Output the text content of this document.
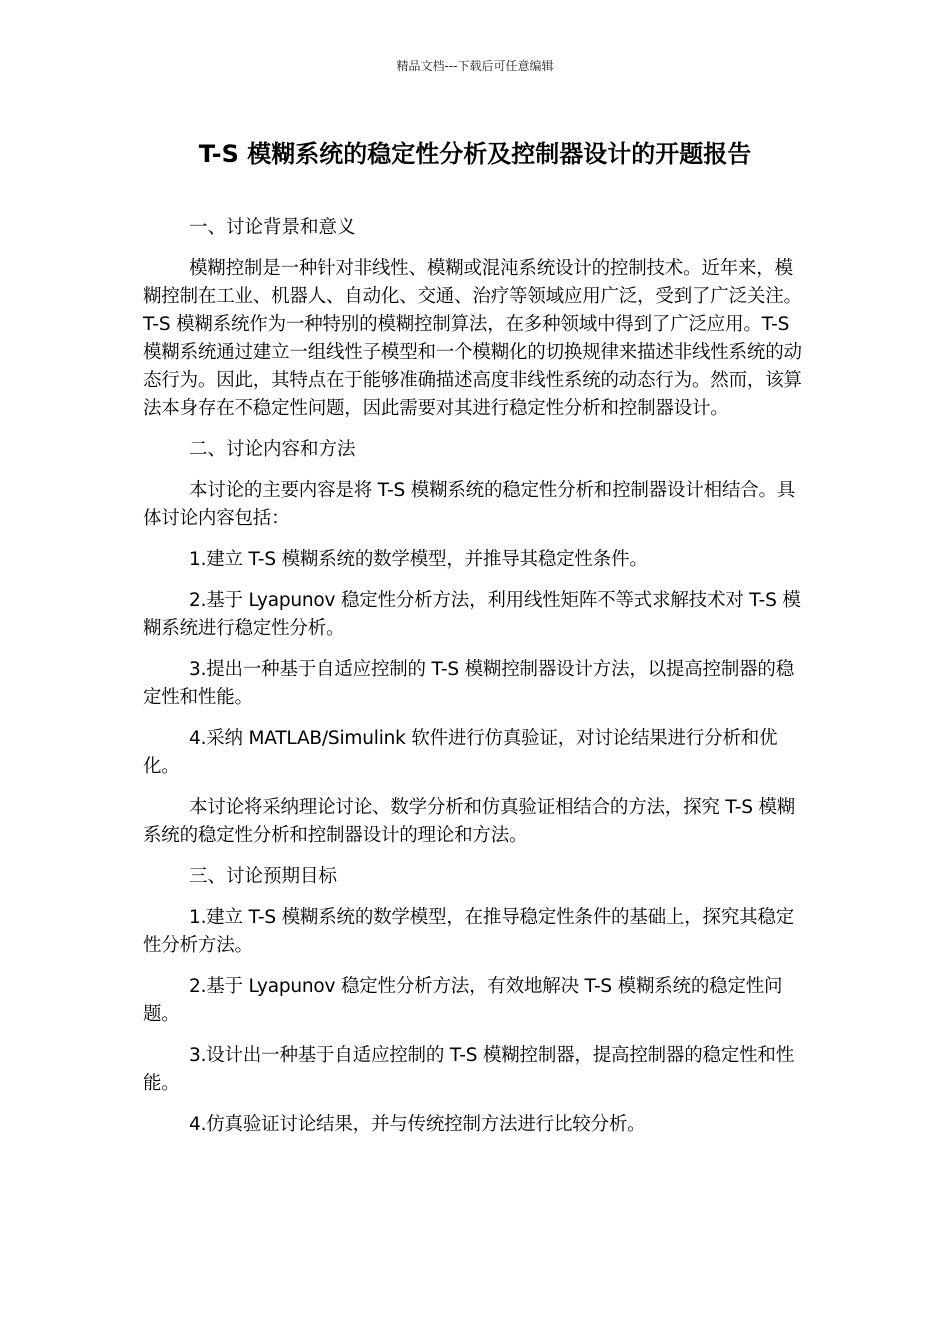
精品文档---下载后可任意编辑
T-S 模糊系统的稳定性分析及控制器设计的开题报告

一、讨论背景和意义

模糊控制是一种针对非线性、模糊或混沌系统设计的控制技术。近年来，模糊控制在工业、机器人、自动化、交通、治疗等领域应用广泛，受到了广泛关注。T-S 模糊系统作为一种特别的模糊控制算法，在多种领域中得到了广泛应用。T-S 模糊系统通过建立一组线性子模型和一个模糊化的切换规律来描述非线性系统的动态行为。因此，其特点在于能够准确描述高度非线性系统的动态行为。然而，该算法本身存在不稳定性问题，因此需要对其进行稳定性分析和控制器设计。

二、讨论内容和方法

本讨论的主要内容是将 T-S 模糊系统的稳定性分析和控制器设计相结合。具体讨论内容包括：

1.建立 T-S 模糊系统的数学模型，并推导其稳定性条件。

2.基于 Lyapunov 稳定性分析方法，利用线性矩阵不等式求解技术对 T-S 模糊系统进行稳定性分析。

3.提出一种基于自适应控制的 T-S 模糊控制器设计方法，以提高控制器的稳定性和性能。

4.采纳 MATLAB/Simulink 软件进行仿真验证，对讨论结果进行分析和优化。

本讨论将采纳理论讨论、数学分析和仿真验证相结合的方法，探究 T-S 模糊系统的稳定性分析和控制器设计的理论和方法。

三、讨论预期目标

1.建立 T-S 模糊系统的数学模型，在推导稳定性条件的基础上，探究其稳定性分析方法。

2.基于 Lyapunov 稳定性分析方法，有效地解决 T-S 模糊系统的稳定性问题。

3.设计出一种基于自适应控制的 T-S 模糊控制器，提高控制器的稳定性和性能。

4.仿真验证讨论结果，并与传统控制方法进行比较分析。
